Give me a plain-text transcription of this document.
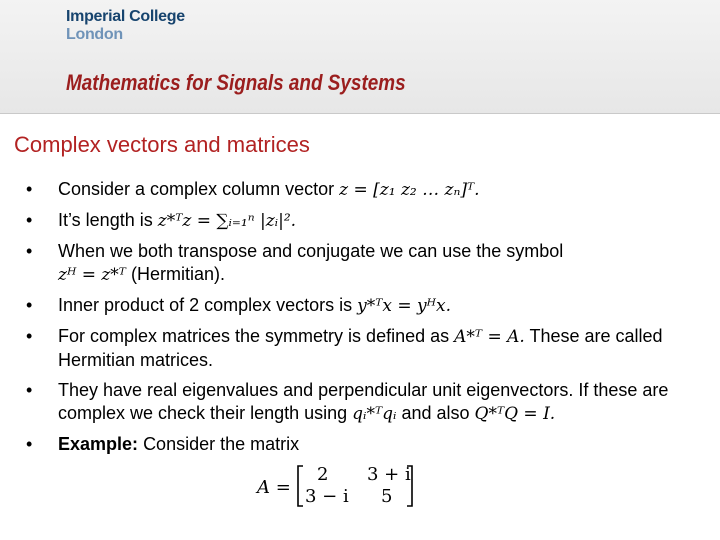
Imperial College
London
Mathematics for Signals and Systems
Complex vectors and matrices
• Consider a complex column vector z = [z₁ z₂ … zₙ]ᵀ.
• It’s length is z*ᵀz = ∑ᵢ₌₁ⁿ |zᵢ|².
• When we both transpose and conjugate we can use the symbol
zᴴ = z*ᵀ (Hermitian).
• Inner product of 2 complex vectors is y*ᵀx = yᴴx.
• For complex matrices the symmetry is defined as A*ᵀ = A. These are called Hermitian matrices.
• They have real eigenvalues and perpendicular unit eigenvectors. If these are complex we check their length using qᵢ*ᵀqᵢ and also Q*ᵀQ = I.
• Example: Consider the matrix
A =
2 3 + i
3 − i 5
